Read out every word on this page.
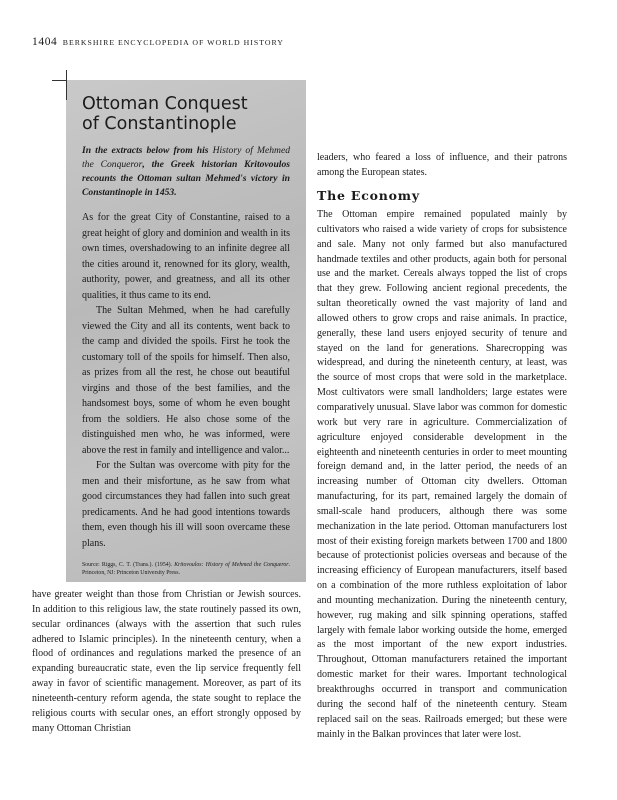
1404 BERKSHIRE ENCYCLOPEDIA OF WORLD HISTORY
Ottoman Conquest
of Constantinople

In the extracts below from his History of Mehmed the Conqueror, the Greek historian Kritovoulos recounts the Ottoman sultan Mehmed's victory in Constantinople in 1453.

As for the great City of Constantine, raised to a great height of glory and dominion and wealth in its own times, overshadowing to an infinite degree all the cities around it, renowned for its glory, wealth, authority, power, and greatness, and all its other qualities, it thus came to its end.

The Sultan Mehmed, when he had carefully viewed the City and all its contents, went back to the camp and divided the spoils. First he took the customary toll of the spoils for himself. Then also, as prizes from all the rest, he chose out beautiful virgins and those of the best families, and the handsomest boys, some of whom he even bought from the soldiers. He also chose some of the distinguished men who, he was informed, were above the rest in family and intelligence and valor...

For the Sultan was overcome with pity for the men and their misfortune, as he saw from what good circumstances they had fallen into such great predicaments. And he had good intentions towards them, even though his ill will soon overcame these plans.

Source: Riggs, C. T. (Trans.). (1954). Kritovoulos: History of Mehmed the Conqueror. Princeton, NJ: Princeton University Press.

have greater weight than those from Christian or Jewish sources. In addition to this religious law, the state routinely passed its own, secular ordinances (always with the assertion that such rules adhered to Islamic principles). In the nineteenth century, when a flood of ordinances and regulations marked the presence of an expanding bureaucratic state, even the lip service frequently fell away in favor of scientific management. Moreover, as part of its nineteenth-century reform agenda, the state sought to replace the religious courts with secular ones, an effort strongly opposed by many Ottoman Christian

leaders, who feared a loss of influence, and their patrons among the European states.

The Economy

The Ottoman empire remained populated mainly by cultivators who raised a wide variety of crops for subsistence and sale. Many not only farmed but also manufactured handmade textiles and other products, again both for personal use and the market. Cereals always topped the list of crops that they grew. Following ancient regional precedents, the sultan theoretically owned the vast majority of land and allowed others to grow crops and raise animals. In practice, generally, these land users enjoyed security of tenure and stayed on the land for generations. Sharecropping was widespread, and during the nineteenth century, at least, was the source of most crops that were sold in the marketplace. Most cultivators were small landholders; large estates were comparatively unusual. Slave labor was common for domestic work but very rare in agriculture. Commercialization of agriculture enjoyed considerable development in the eighteenth and nineteenth centuries in order to meet mounting foreign demand and, in the latter period, the needs of an increasing number of Ottoman city dwellers. Ottoman manufacturing, for its part, remained largely the domain of small-scale hand producers, although there was some mechanization in the late period. Ottoman manufacturers lost most of their existing foreign markets between 1700 and 1800 because of protectionist policies overseas and because of the increasing efficiency of European manufacturers, itself based on a combination of the more ruthless exploitation of labor and mounting mechanization. During the nineteenth century, however, rug making and silk spinning operations, staffed largely with female labor working outside the home, emerged as the most important of the new export industries. Throughout, Ottoman manufacturers retained the important domestic market for their wares. Important technological breakthroughs occurred in transport and communication during the second half of the nineteenth century. Steam replaced sail on the seas. Railroads emerged; but these were mainly in the Balkan provinces that later were lost.
